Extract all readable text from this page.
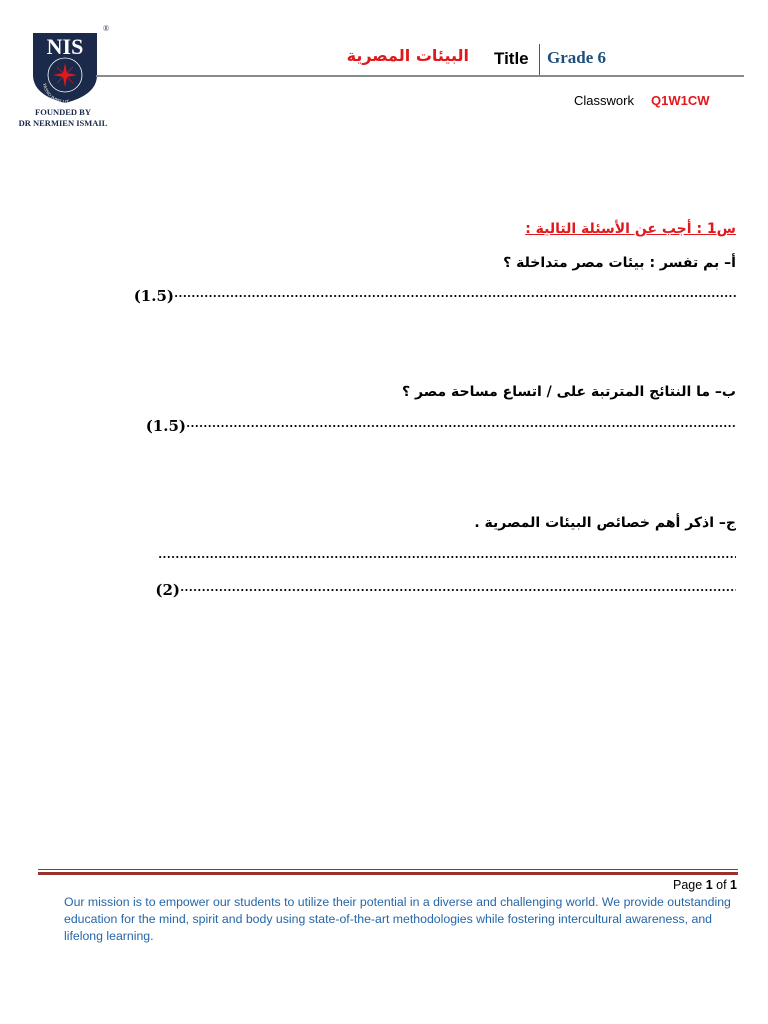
NIS
PASSIO IMPELLIT
®
FOUNDED BY
DR NERMIEN ISMAIL
البيئات المصرية Title Grade 6
Classwork Q1W1CW
س1 : أجب عن الأسئلة التالية :
أ– بم تفسر : بيئات مصر متداخلة ؟
(1.5)
ب– ما النتائج المترتبة على / اتساع مساحة مصر ؟
(1.5)
ج– اذكر أهم خصائص البيئات المصرية .
(2)
Page 1 of 1
Our mission is to empower our students to utilize their potential in a diverse and challenging world. We provide outstanding education for the mind, spirit and body using state-of-the-art methodologies while fostering intercultural awareness, and lifelong learning.
